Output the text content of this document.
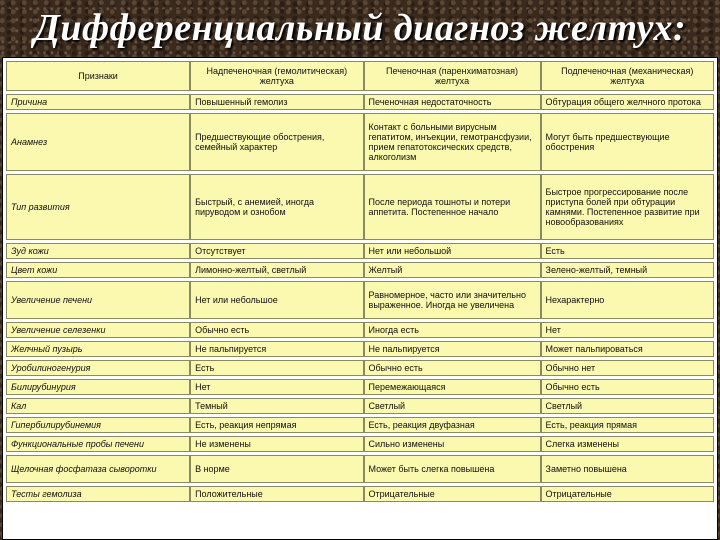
Дифференциальный диагноз желтух:
Признаки	Надпеченочная (гемолитическая) желтуха	Печеночная (паренхиматозная) желтуха	Подпеченочная (механическая) желтуха
Причина	Повышенный гемолиз	Печеночная недостаточность	Обтурация общего желчного протока
Анамнез	Предшествующие обострения, семейный характер	Контакт с больными вирусным гепатитом, инъекции, гемотрансфузии, прием гепатотоксических средств, алкоголизм	Могут быть предшествующие обострения
Тип развития	Быстрый, с анемией, иногда пируводом и ознобом	После периода тошноты и потери аппетита. Постепенное начало	Быстрое прогрессирование после приступа болей при обтурации камнями. Постепенное развитие при новообразованиях
Зуд кожи	Отсутствует	Нет или небольшой	Есть
Цвет кожи	Лимонно-желтый, светлый	Желтый	Зелено-желтый, темный
Увеличение печени	Нет или небольшое	Равномерное, часто или значительно выраженное. Иногда не увеличена	Нехарактерно
Увеличение селезенки	Обычно есть	Иногда есть	Нет
Желчный пузырь	Не пальпируется	Не пальпируется	Может пальпироваться
Уробилиногенурия	Есть	Обычно есть	Обычно нет
Билирубинурия	Нет	Перемежающаяся	Обычно есть
Кал	Темный	Светлый	Светлый
Гипербилирубинемия	Есть, реакция непрямая	Есть, реакция двуфазная	Есть, реакция прямая
Функциональные пробы печени	Не изменены	Сильно изменены	Слегка изменены
Щелочная фосфатаза сыворотки	В норме	Может быть слегка повышена	Заметно повышена
Тесты гемолиза	Положительные	Отрицательные	Отрицательные
